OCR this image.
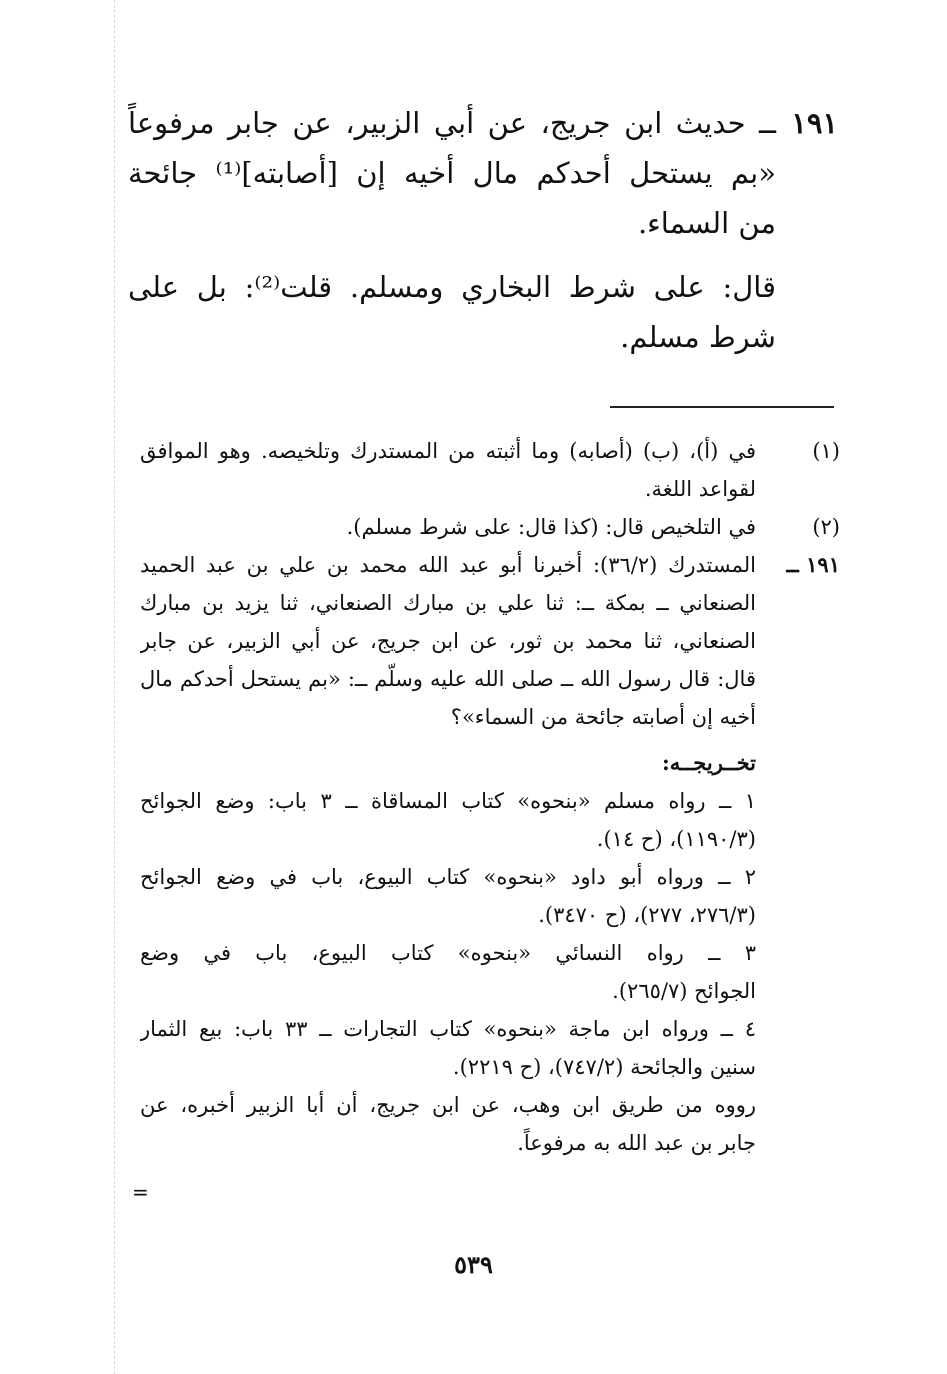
١٩١
ــ حديث ابن جريج، عن أبي الزبير، عن جابر مرفوعاً
«بم يستحل أحدكم مال أخيه إن [أصابته]⁽¹⁾ جائحة
من السماء.
قال: على شرط البخاري ومسلم. قلت⁽²⁾: بل على
شرط مسلم.
(١)
في (أ)، (ب) (أصابه) وما أثبته من المستدرك وتلخيصه. وهو الموافق
لقواعد اللغة.
(٢)
في التلخيص قال: (كذا قال: على شرط مسلم).
١٩١ ــ
المستدرك (٣٦/٢): أخبرنا أبو عبد الله محمد بن علي بن عبد الحميد
الصنعاني ــ بمكة ــ: ثنا علي بن مبارك الصنعاني، ثنا يزيد بن مبارك
الصنعاني، ثنا محمد بن ثور، عن ابن جريج، عن أبي الزبير، عن جابر
قال: قال رسول الله ــ صلى الله عليه وسلّم ــ: «بم يستحل أحدكم مال
أخيه إن أصابته جائحة من السماء»؟
تخــريجــه:
١ ــ رواه مسلم «بنحوه» كتاب المساقاة ــ ٣ باب: وضع الجوائح
(١١٩٠/٣)، (ح ١٤).
٢ ــ ورواه أبو داود «بنحوه» كتاب البيوع، باب في وضع الجوائح
(٢٧٦/٣، ٢٧٧)، (ح ٣٤٧٠).
٣ ــ رواه النسائي «بنحوه» كتاب البيوع، باب في وضع
الجوائح (٢٦٥/٧).
٤ ــ ورواه ابن ماجة «بنحوه» كتاب التجارات ــ ٣٣ باب: بيع الثمار
سنين والجائحة (٧٤٧/٢)، (ح ٢٢١٩).
رووه من طريق ابن وهب، عن ابن جريج، أن أبا الزبير أخبره، عن
جابر بن عبد الله به مرفوعاً.
=
٥٣٩
